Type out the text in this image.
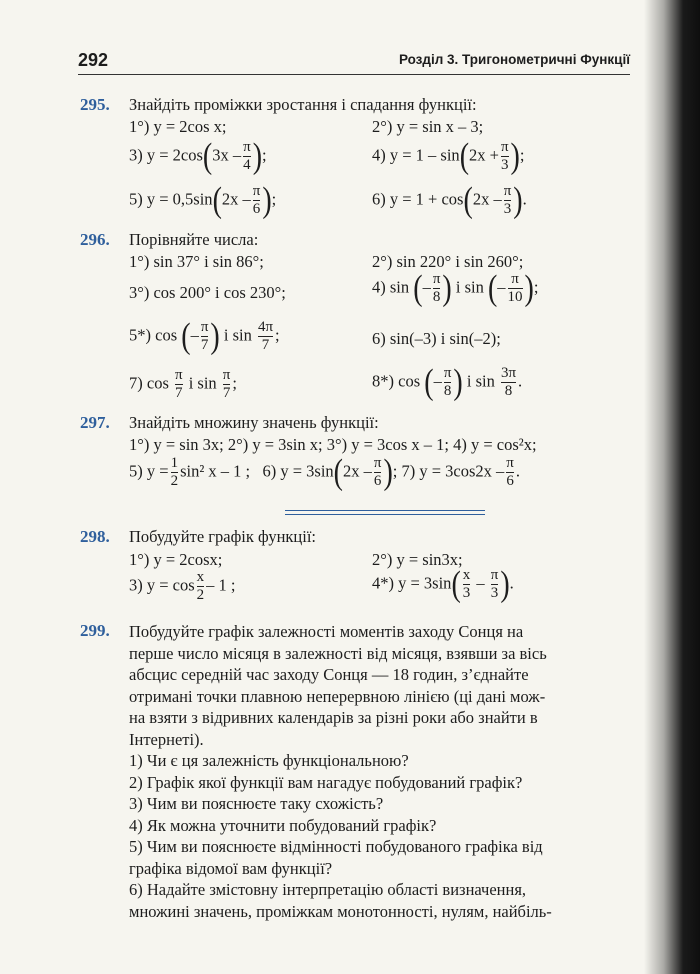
292	Розділ 3. Тригонометричні Функції
295. Знайдіть проміжки зростання і спадання функції:
1°) y = 2cos x;	2°) y = sin x – 3;
3) $y = 2\cos(3x - \frac{\pi}{4}$ );	4) $y = 1 - \sin(2x + \frac{\pi}{3}$ );
5) $y = 0,5\sin(2x - \frac{\pi}{6}$ );	6) $y = 1 + \cos(2x - \frac{\pi}{3}$ ).
296. Порівняйте числа:
1°) sin 37° і sin 86°;	2°) sin 220° і sin 260°;
3°) cos 200° і cos 230°;	4) sin (– $\frac{\pi}{8}$ ) і sin (– $\frac{\pi}{10}$ );
5*) cos (– $\frac{\pi}{7}$ ) і $\sin \frac{4\pi}{7}$ ;	6) sin(–3) і sin(–2);
7) $\cos \frac{\pi}{7}$ і $\sin \frac{\pi}{7}$ ;	8*) cos (– $\frac{\pi}{8}$ ) і $\sin \frac{3\pi}{8}$ .
297. Знайдіть множину значень функції:
1°) y = sin 3x; 2°) y = 3sin x; 3°) y = 3cos x – 1; 4) y = cos²x;
5) $y = \frac{1}{2} \sin^2$ x – 1 ; 6) $y = 3\sin(2x - \frac{\pi}{6}$ ); 7) $y = 3\cos 2x - \frac{\pi}{6}$ .
298. Побудуйте графік функції:
1°) y = 2cosx;	2°) y = sin3x;
3) $y = \cos \frac{x}{2} - 1$ ;	4*) $y = 3\sin( \frac{x}{3} - \frac{\pi}{3}$ ).
299. Побудуйте графік залежності моментів заходу Сонця на
перше число місяця в залежності від місяця, взявши за вісь
абсцис середній час заходу Сонця — 18 годин, з’єднайте
отримані точки плавною неперервною лінією (ці дані мож-
на взяти з відривних календарів за різні роки або знайти в
Інтернеті).
1) Чи є ця залежність функціональною?
2) Графік якої функції вам нагадує побудований графік?
3) Чим ви пояснюєте таку схожість?
4) Як можна уточнити побудований графік?
5) Чим ви пояснюєте відмінності побудованого графіка від
графіка відомої вам функції?
6) Надайте змістовну інтерпретацію області визначення,
множині значень, проміжкам монотонності, нулям, найбіль-
